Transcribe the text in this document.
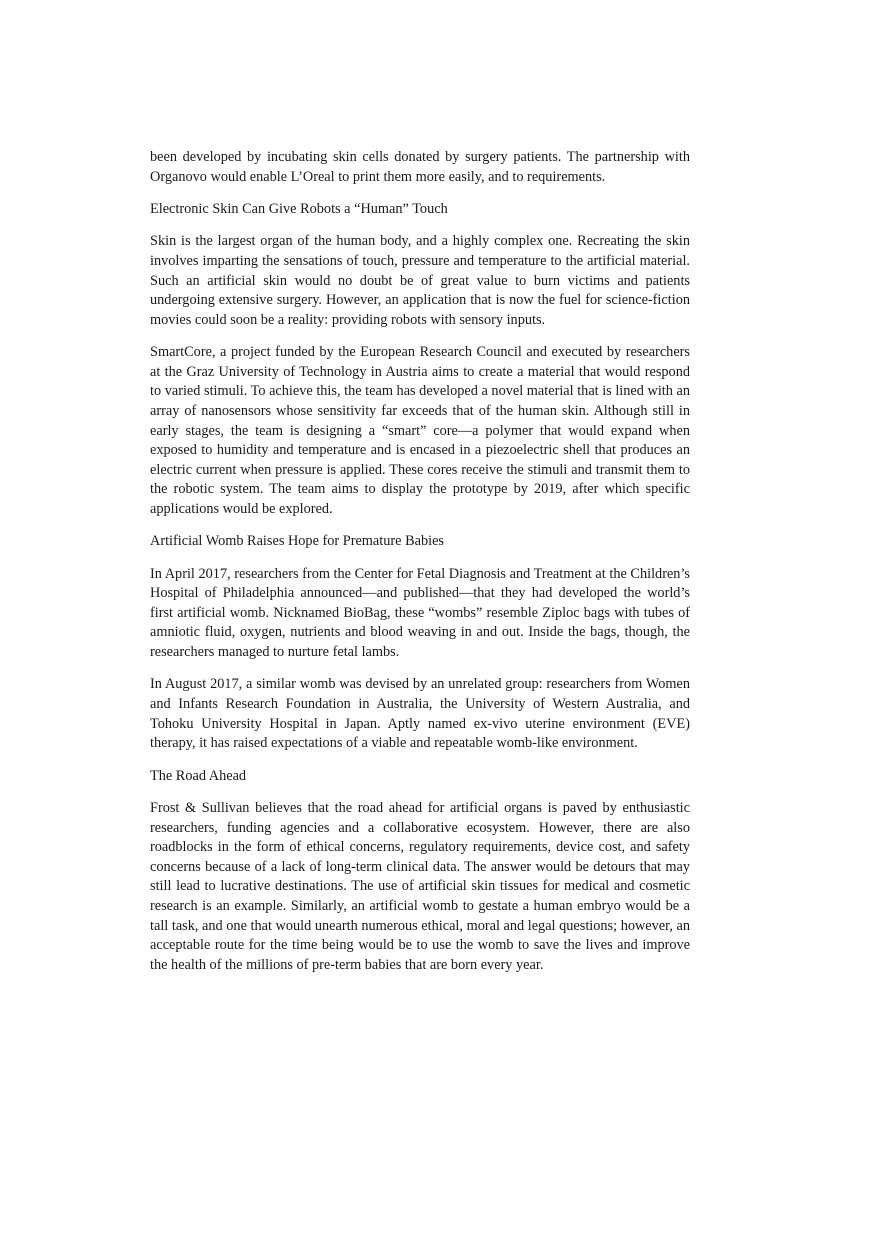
been developed by incubating skin cells donated by surgery patients. The partnership with Organovo would enable L’Oreal to print them more easily, and to requirements.

Electronic Skin Can Give Robots a “Human” Touch

Skin is the largest organ of the human body, and a highly complex one. Recreating the skin involves imparting the sensations of touch, pressure and temperature to the artificial material. Such an artificial skin would no doubt be of great value to burn victims and patients undergoing extensive surgery. However, an application that is now the fuel for science-fiction movies could soon be a reality: providing robots with sensory inputs.

SmartCore, a project funded by the European Research Council and executed by researchers at the Graz University of Technology in Austria aims to create a material that would respond to varied stimuli. To achieve this, the team has developed a novel material that is lined with an array of nanosensors whose sensitivity far exceeds that of the human skin. Although still in early stages, the team is designing a “smart” core—a polymer that would expand when exposed to humidity and temperature and is encased in a piezoelectric shell that produces an electric current when pressure is applied. These cores receive the stimuli and transmit them to the robotic system. The team aims to display the prototype by 2019, after which specific applications would be explored.

Artificial Womb Raises Hope for Premature Babies

In April 2017, researchers from the Center for Fetal Diagnosis and Treatment at the Children’s Hospital of Philadelphia announced—and published—that they had developed the world’s first artificial womb. Nicknamed BioBag, these “wombs” resemble Ziploc bags with tubes of amniotic fluid, oxygen, nutrients and blood weaving in and out. Inside the bags, though, the researchers managed to nurture fetal lambs.

In August 2017, a similar womb was devised by an unrelated group: researchers from Women and Infants Research Foundation in Australia, the University of Western Australia, and Tohoku University Hospital in Japan. Aptly named ex-vivo uterine environment (EVE) therapy, it has raised expectations of a viable and repeatable womb-like environment.

The Road Ahead

Frost & Sullivan believes that the road ahead for artificial organs is paved by enthusiastic researchers, funding agencies and a collaborative ecosystem. However, there are also roadblocks in the form of ethical concerns, regulatory requirements, device cost, and safety concerns because of a lack of long-term clinical data. The answer would be detours that may still lead to lucrative destinations. The use of artificial skin tissues for medical and cosmetic research is an example. Similarly, an artificial womb to gestate a human embryo would be a tall task, and one that would unearth numerous ethical, moral and legal questions; however, an acceptable route for the time being would be to use the womb to save the lives and improve the health of the millions of pre-term babies that are born every year.
